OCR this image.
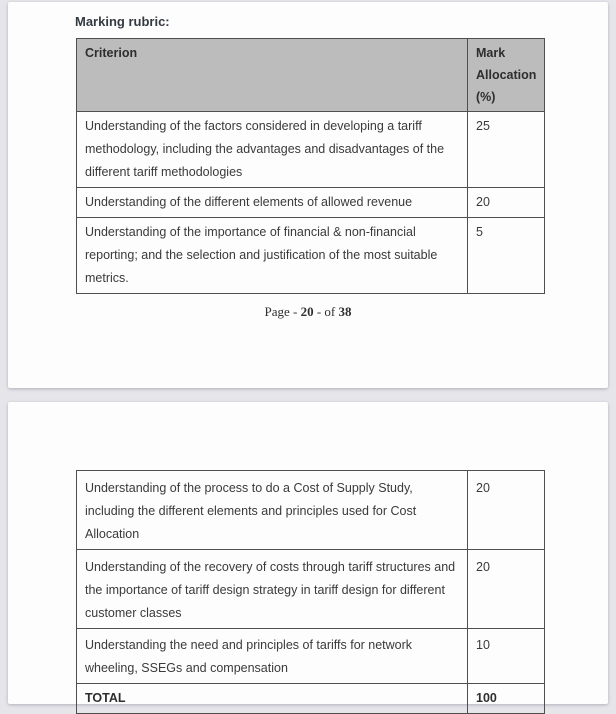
Marking rubric:
Criterion	Mark Allocation (%)
Understanding of the factors considered in developing a tariff methodology, including the advantages and disadvantages of the different tariff methodologies	25
Understanding of the different elements of allowed revenue	20
Understanding of the importance of financial & non-financial reporting; and the selection and justification of the most suitable metrics.	5
Page - 20 - of 38
Understanding of the process to do a Cost of Supply Study, including the different elements and principles used for Cost Allocation	20
Understanding of the recovery of costs through tariff structures and the importance of tariff design strategy in tariff design for different customer classes	20
Understanding the need and principles of tariffs for network wheeling, SSEGs and compensation	10
TOTAL	100
